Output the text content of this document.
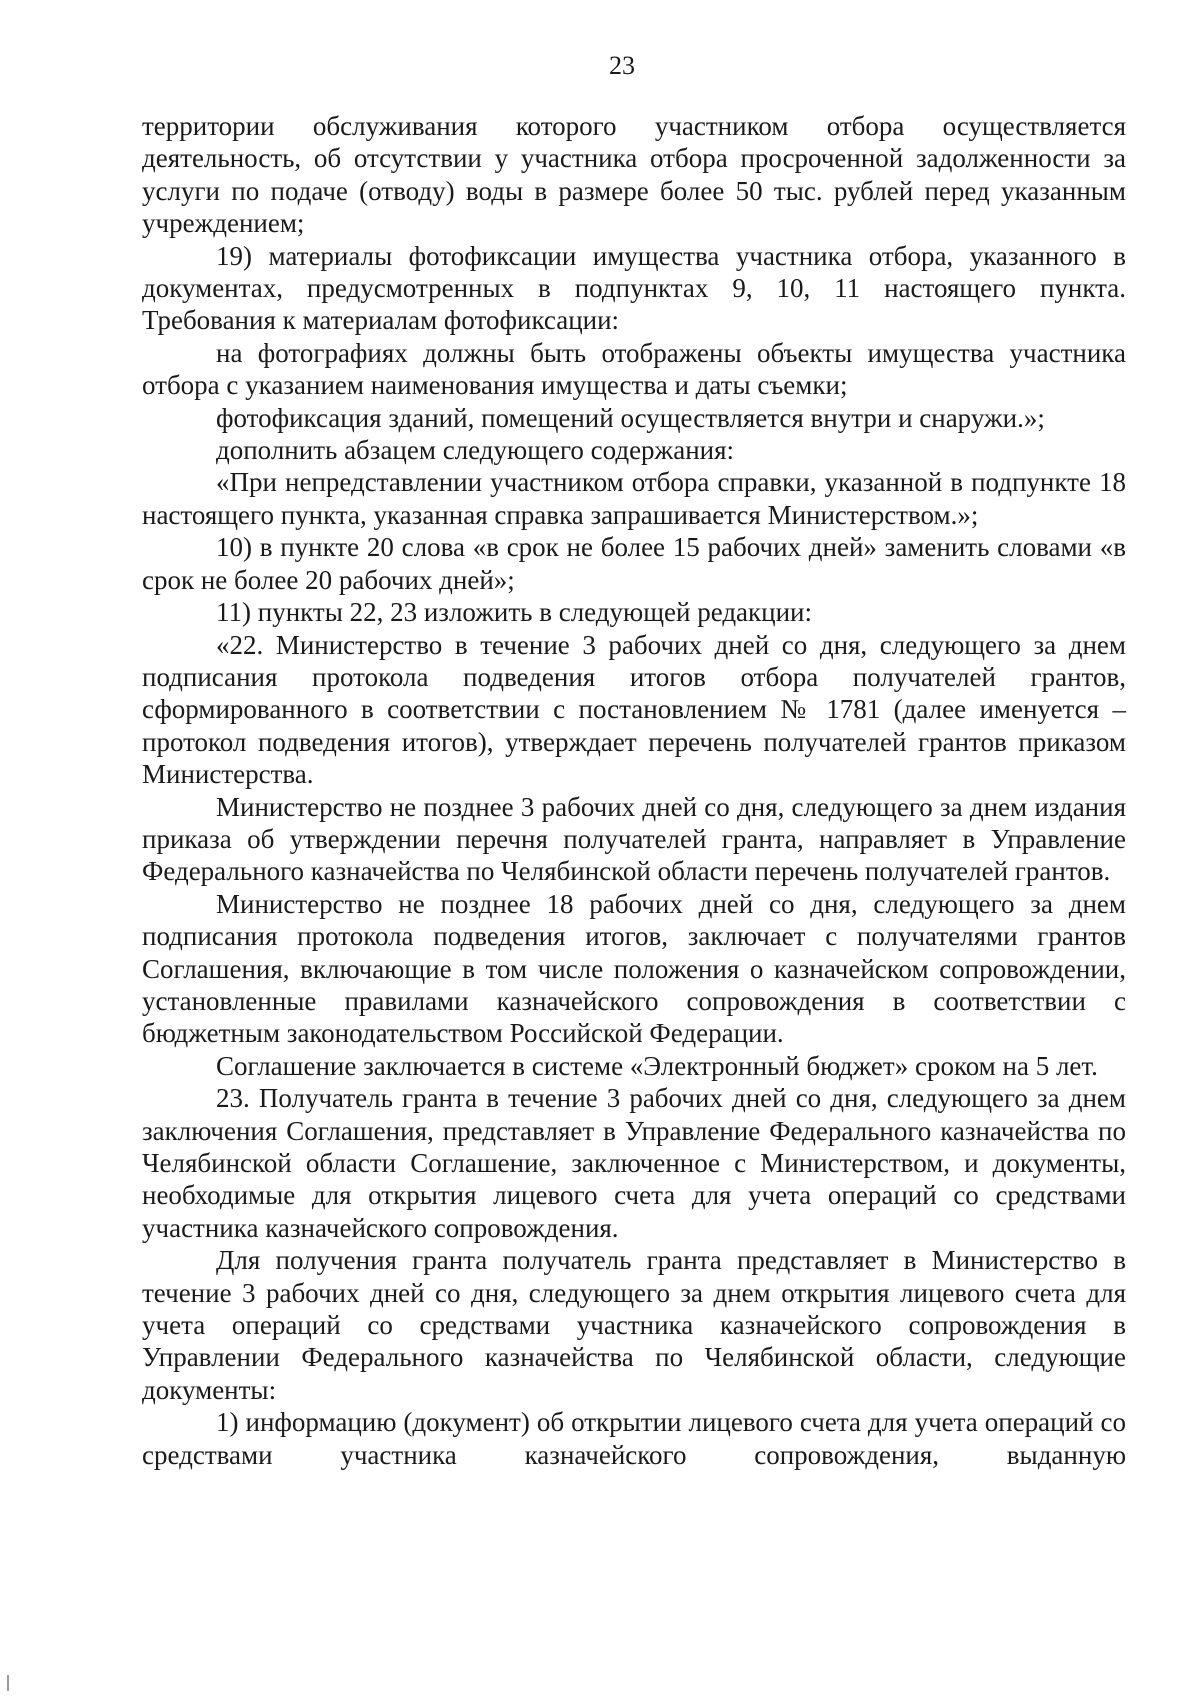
23

территории обслуживания которого участником отбора осуществляется деятельность, об отсутствии у участника отбора просроченной задолженности за услуги по подаче (отводу) воды в размере более 50 тыс. рублей перед указанным учреждением;

19) материалы фотофиксации имущества участника отбора, указанного в документах, предусмотренных в подпунктах 9, 10, 11 настоящего пункта. Требования к материалам фотофиксации:

на фотографиях должны быть отображены объекты имущества участника отбора с указанием наименования имущества и даты съемки;

фотофиксация зданий, помещений осуществляется внутри и снаружи.»;

дополнить абзацем следующего содержания:

«При непредставлении участником отбора справки, указанной в подпункте 18 настоящего пункта, указанная справка запрашивается Министерством.»;

10) в пункте 20 слова «в срок не более 15 рабочих дней» заменить словами «в срок не более 20 рабочих дней»;

11) пункты 22, 23 изложить в следующей редакции:

«22. Министерство в течение 3 рабочих дней со дня, следующего за днем подписания протокола подведения итогов отбора получателей грантов, сформированного в соответствии с постановлением № 1781 (далее именуется – протокол подведения итогов), утверждает перечень получателей грантов приказом Министерства.

Министерство не позднее 3 рабочих дней со дня, следующего за днем издания приказа об утверждении перечня получателей гранта, направляет в Управление Федерального казначейства по Челябинской области перечень получателей грантов.

Министерство не позднее 18 рабочих дней со дня, следующего за днем подписания протокола подведения итогов, заключает с получателями грантов Соглашения, включающие в том числе положения о казначейском сопровождении, установленные правилами казначейского сопровождения в соответствии с бюджетным законодательством Российской Федерации.

Соглашение заключается в системе «Электронный бюджет» сроком на 5 лет.

23. Получатель гранта в течение 3 рабочих дней со дня, следующего за днем заключения Соглашения, представляет в Управление Федерального казначейства по Челябинской области Соглашение, заключенное с Министерством, и документы, необходимые для открытия лицевого счета для учета операций со средствами участника казначейского сопровождения.

Для получения гранта получатель гранта представляет в Министерство в течение 3 рабочих дней со дня, следующего за днем открытия лицевого счета для учета операций со средствами участника казначейского сопровождения в Управлении Федерального казначейства по Челябинской области, следующие документы:

1) информацию (документ) об открытии лицевого счета для учета операций со средствами участника казначейского сопровождения, выданную
